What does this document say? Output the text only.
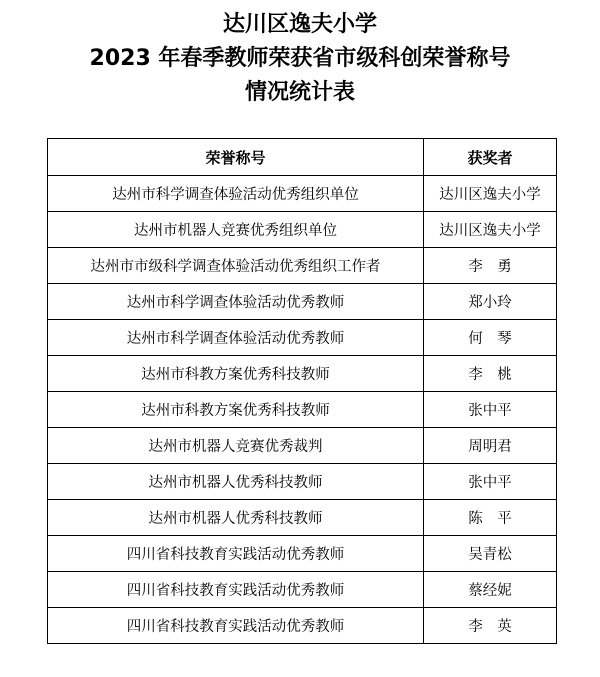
达川区逸夫小学
2023 年春季教师荣获省市级科创荣誉称号
情况统计表
荣誉称号	获奖者
达州市科学调查体验活动优秀组织单位	达川区逸夫小学
达州市机器人竞赛优秀组织单位	达川区逸夫小学
达州市市级科学调查体验活动优秀组织工作者	李　勇
达州市科学调查体验活动优秀教师	郑小玲
达州市科学调查体验活动优秀教师	何　琴
达州市科教方案优秀科技教师	李　桃
达州市科教方案优秀科技教师	张中平
达州市机器人竞赛优秀裁判	周明君
达州市机器人优秀科技教师	张中平
达州市机器人优秀科技教师	陈　平
四川省科技教育实践活动优秀教师	吴青松
四川省科技教育实践活动优秀教师	蔡经妮
四川省科技教育实践活动优秀教师	李　英
